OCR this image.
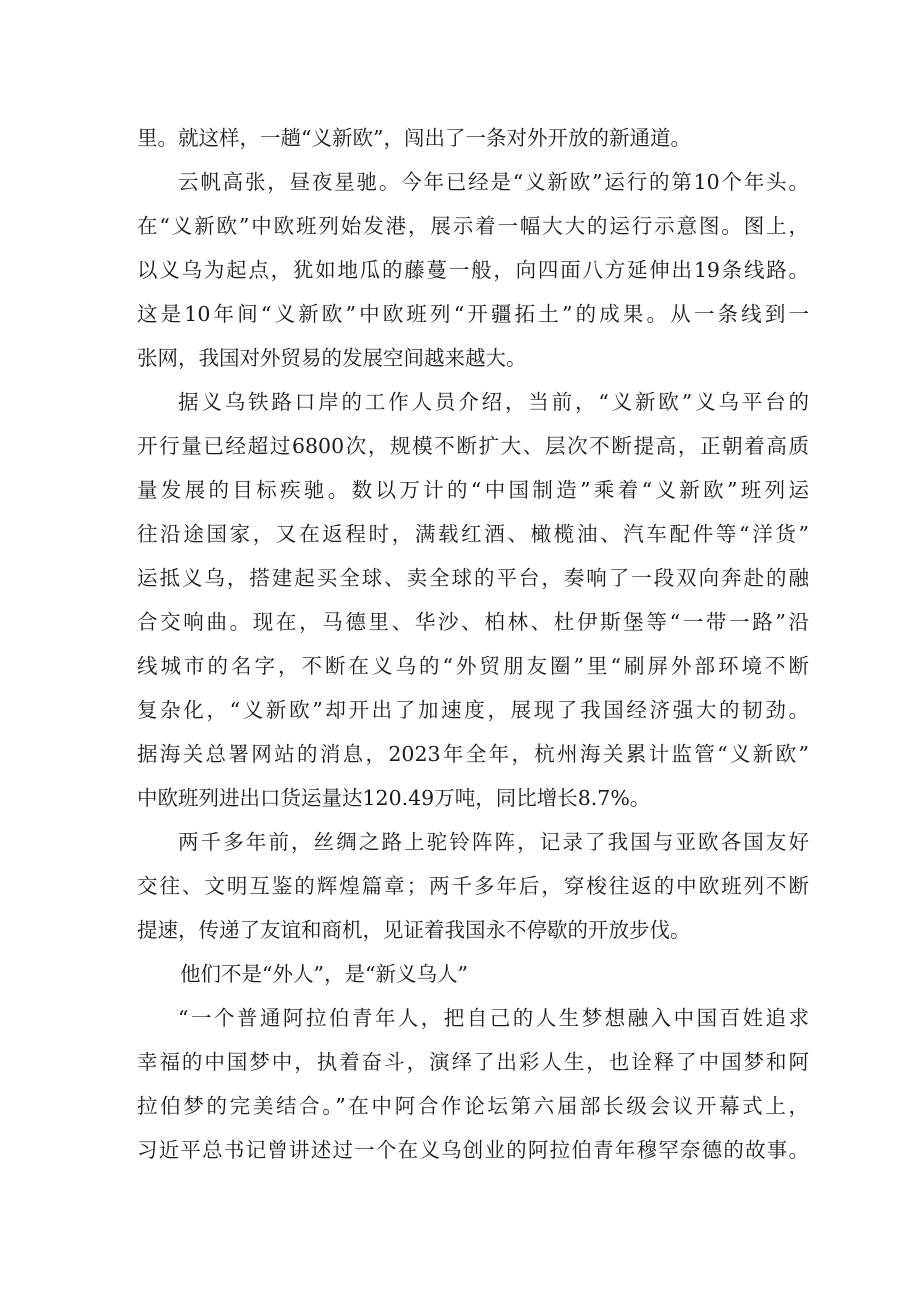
里。就这样，一趟“义新欧”，闯出了一条对外开放的新通道。
云帆高张，昼夜星驰。今年已经是“义新欧”运行的第10个年头。
在“义新欧”中欧班列始发港，展示着一幅大大的运行示意图。图上，
以义乌为起点，犹如地瓜的藤蔓一般，向四面八方延伸出19条线路。
这是10年间“义新欧”中欧班列“开疆拓土”的成果。从一条线到一
张网，我国对外贸易的发展空间越来越大。
据义乌铁路口岸的工作人员介绍，当前，“义新欧”义乌平台的
开行量已经超过6800次，规模不断扩大、层次不断提高，正朝着高质
量发展的目标疾驰。数以万计的“中国制造”乘着“义新欧”班列运
往沿途国家，又在返程时，满载红酒、橄榄油、汽车配件等“洋货”
运抵义乌，搭建起买全球、卖全球的平台，奏响了一段双向奔赴的融
合交响曲。现在，马德里、华沙、柏林、杜伊斯堡等“一带一路”沿
线城市的名字，不断在义乌的“外贸朋友圈”里“刷屏外部环境不断
复杂化，“义新欧”却开出了加速度，展现了我国经济强大的韧劲。
据海关总署网站的消息，2023年全年，杭州海关累计监管“义新欧”
中欧班列进出口货运量达120.49万吨，同比增长8.7%。
两千多年前，丝绸之路上驼铃阵阵，记录了我国与亚欧各国友好
交往、文明互鉴的辉煌篇章；两千多年后，穿梭往返的中欧班列不断
提速，传递了友谊和商机，见证着我国永不停歇的开放步伐。
他们不是“外人”，是“新义乌人”
“一个普通阿拉伯青年人，把自己的人生梦想融入中国百姓追求
幸福的中国梦中，执着奋斗，演绎了出彩人生，也诠释了中国梦和阿
拉伯梦的完美结合。”在中阿合作论坛第六届部长级会议开幕式上，
习近平总书记曾讲述过一个在义乌创业的阿拉伯青年穆罕奈德的故事。
